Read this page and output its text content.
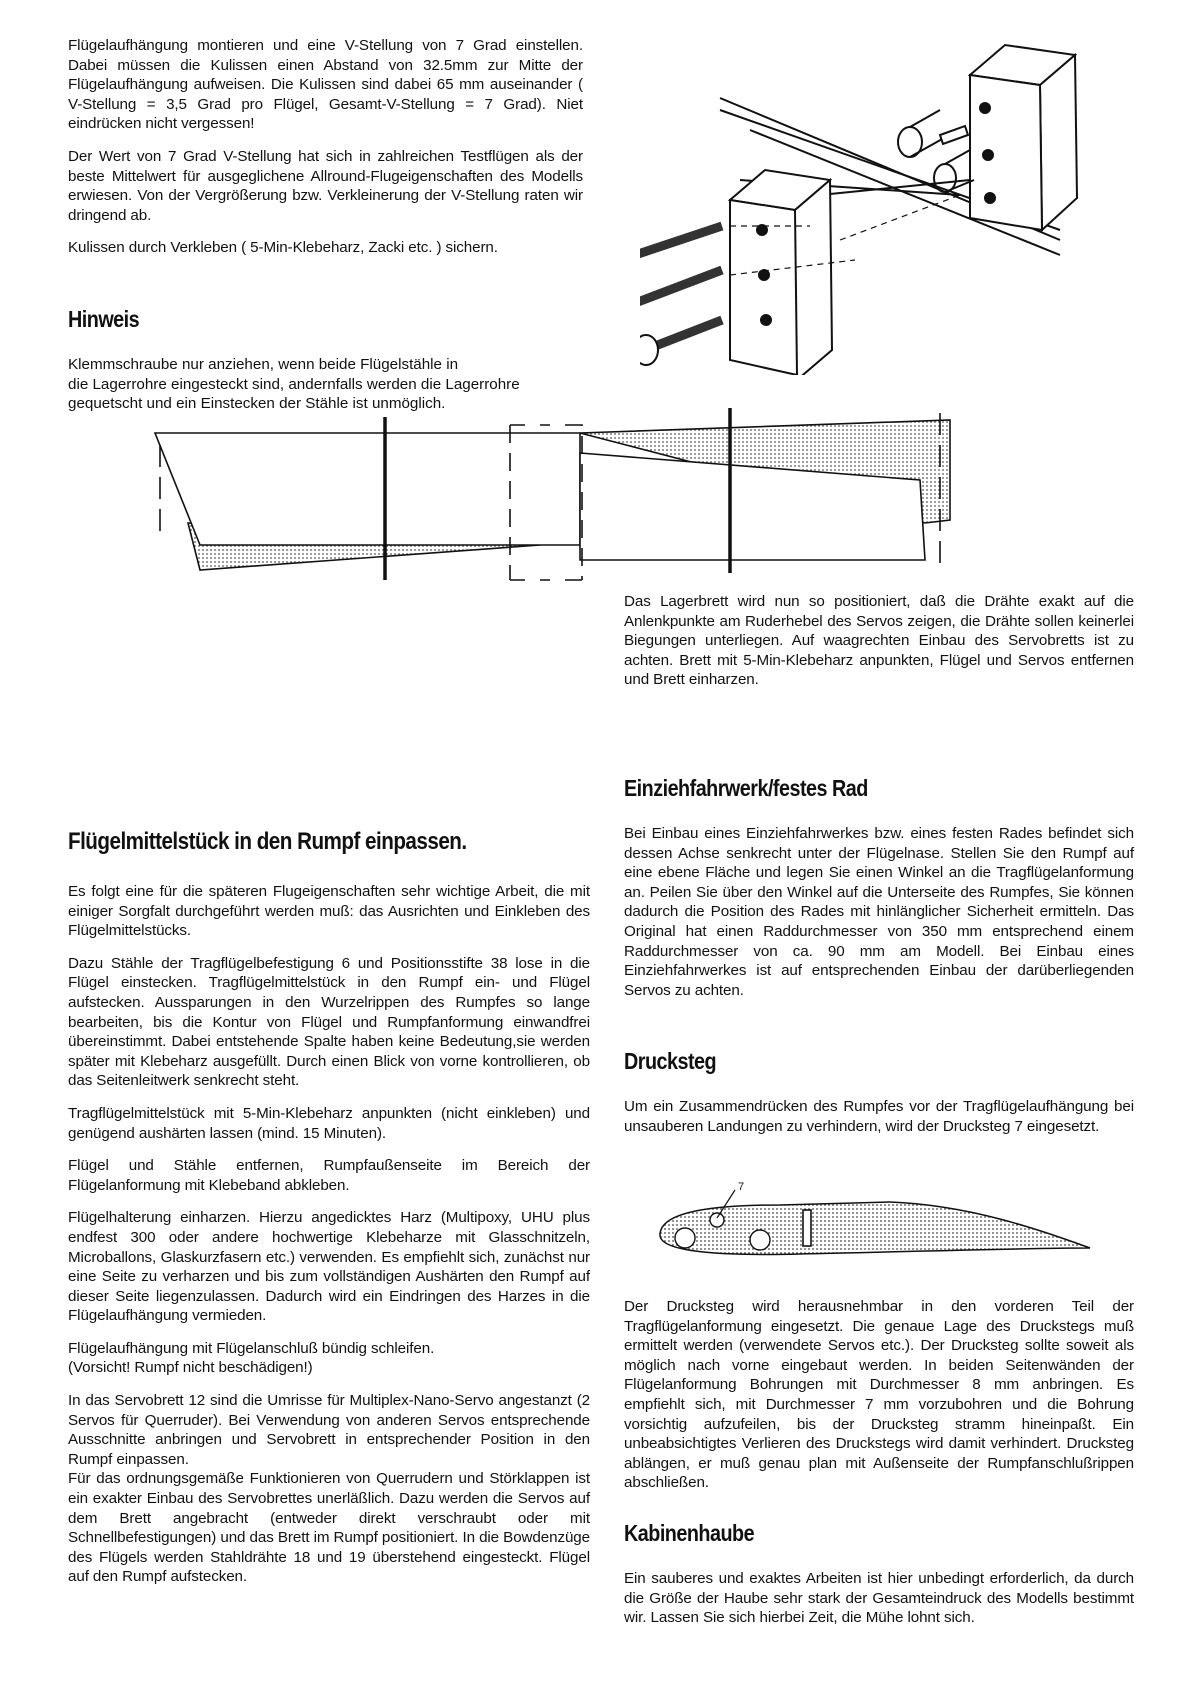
Flügelaufhängung montieren und eine V-Stellung von 7 Grad einstellen. Dabei müssen die Kulissen einen Abstand von 32.5mm zur Mitte der Flügelaufhängung aufweisen. Die Kulissen sind dabei 65 mm auseinander ( V-Stellung = 3,5 Grad pro Flügel, Gesamt-V-Stellung = 7 Grad). Niet eindrücken nicht vergessen!

Der Wert von 7 Grad V-Stellung hat sich in zahlreichen Testflügen als der beste Mittelwert für ausgeglichene Allround-Flugeigenschaften des Modells erwiesen. Von der Vergrößerung bzw. Verkleinerung der V-Stellung raten wir dringend ab.

Kulissen durch Verkleben ( 5-Min-Klebeharz, Zacki etc. ) sichern.

Hinweis
Klemmschraube nur anziehen, wenn beide Flügelstähle in
die Lagerrohre eingesteckt sind, andernfalls werden die Lagerrohre
gequetscht und ein Einstecken der Stähle ist unmöglich.

Das Lagerbrett wird nun so positioniert, daß die Drähte exakt auf die Anlenkpunkte am Ruderhebel des Servos zeigen, die Drähte sollen keinerlei Biegungen unterliegen. Auf waagrechten Einbau des Servobretts ist zu achten. Brett mit 5-Min-Klebeharz anpunkten, Flügel und Servos entfernen und Brett einharzen.

Einziehfahrwerk/festes Rad

Bei Einbau eines Einziehfahrwerkes bzw. eines festen Rades befindet sich dessen Achse senkrecht unter der Flügelnase. Stellen Sie den Rumpf auf eine ebene Fläche und legen Sie einen Winkel an die Tragflügelanformung an. Peilen Sie über den Winkel auf die Unterseite des Rumpfes, Sie können dadurch die Position des Rades mit hinlänglicher Sicherheit ermitteln. Das Original hat einen Raddurchmesser von 350 mm entsprechend einem Raddurchmesser von ca. 90 mm am Modell. Bei Einbau eines Einziehfahrwerkes ist auf entsprechenden Einbau der darüberliegenden Servos zu achten.

Drucksteg

Um ein Zusammendrücken des Rumpfes vor der Tragflügelaufhängung bei unsauberen Landungen zu verhindern, wird der Drucksteg 7 eingesetzt.

7

Der Drucksteg wird herausnehmbar in den vorderen Teil der Tragflügelanformung eingesetzt. Die genaue Lage des Druckstegs muß ermittelt werden (verwendete Servos etc.). Der Drucksteg sollte soweit als möglich nach vorne eingebaut werden. In beiden Seitenwänden der Flügelanformung Bohrungen mit Durchmesser 8 mm anbringen. Es empfiehlt sich, mit Durchmesser 7 mm vorzubohren und die Bohrung vorsichtig aufzufeilen, bis der Drucksteg stramm hineinpaßt. Ein unbeabsichtigtes Verlieren des Druckstegs wird damit verhindert. Drucksteg ablängen, er muß genau plan mit Außenseite der Rumpfanschlußrippen abschließen.

Kabinenhaube

Ein sauberes und exaktes Arbeiten ist hier unbedingt erforderlich, da durch die Größe der Haube sehr stark der Gesamteindruck des Modells bestimmt wir. Lassen Sie sich hierbei Zeit, die Mühe lohnt sich.

Flügelmittelstück in den Rumpf einpassen.

Es folgt eine für die späteren Flugeigenschaften sehr wichtige Arbeit, die mit einiger Sorgfalt durchgeführt werden muß: das Ausrichten und Einkleben des Flügelmittelstücks.

Dazu Stähle der Tragflügelbefestigung 6 und Positionsstifte 38 lose in die Flügel einstecken. Tragflügelmittelstück in den Rumpf ein- und Flügel aufstecken. Aussparungen in den Wurzelrippen des Rumpfes so lange bearbeiten, bis die Kontur von Flügel und Rumpfanformung einwandfrei übereinstimmt. Dabei entstehende Spalte haben keine Bedeutung,sie werden später mit Klebeharz ausgefüllt. Durch einen Blick von vorne kontrollieren, ob das Seitenleitwerk senkrecht steht.

Tragflügelmittelstück mit 5-Min-Klebeharz anpunkten (nicht einkleben) und genügend aushärten lassen (mind. 15 Minuten).

Flügel und Stähle entfernen, Rumpfaußenseite im Bereich der Flügelanformung mit Klebeband abkleben.

Flügelhalterung einharzen. Hierzu angedicktes Harz (Multipoxy, UHU plus endfest 300 oder andere hochwertige Klebeharze mit Glasschnitzeln, Microballons, Glaskurzfasern etc.) verwenden. Es empfiehlt sich, zunächst nur eine Seite zu verharzen und bis zum vollständigen Aushärten den Rumpf auf dieser Seite liegenzulassen. Dadurch wird ein Eindringen des Harzes in die Flügelaufhängung vermieden.

Flügelaufhängung mit Flügelanschluß bündig schleifen.

(Vorsicht! Rumpf nicht beschädigen!)

In das Servobrett 12 sind die Umrisse für Multiplex-Nano-Servo angestanzt (2 Servos für Querruder). Bei Verwendung von anderen Servos entsprechende Ausschnitte anbringen und Servobrett in entsprechender Position in den Rumpf einpassen.

Für das ordnungsgemäße Funktionieren von Querrudern und Störklappen ist ein exakter Einbau des Servobrettes unerläßlich. Dazu werden die Servos auf dem Brett angebracht (entweder direkt verschraubt oder mit Schnellbefestigungen) und das Brett im Rumpf positioniert. In die Bowdenzüge des Flügels werden Stahldrähte 18 und 19 überstehend eingesteckt. Flügel auf den Rumpf aufstecken.
